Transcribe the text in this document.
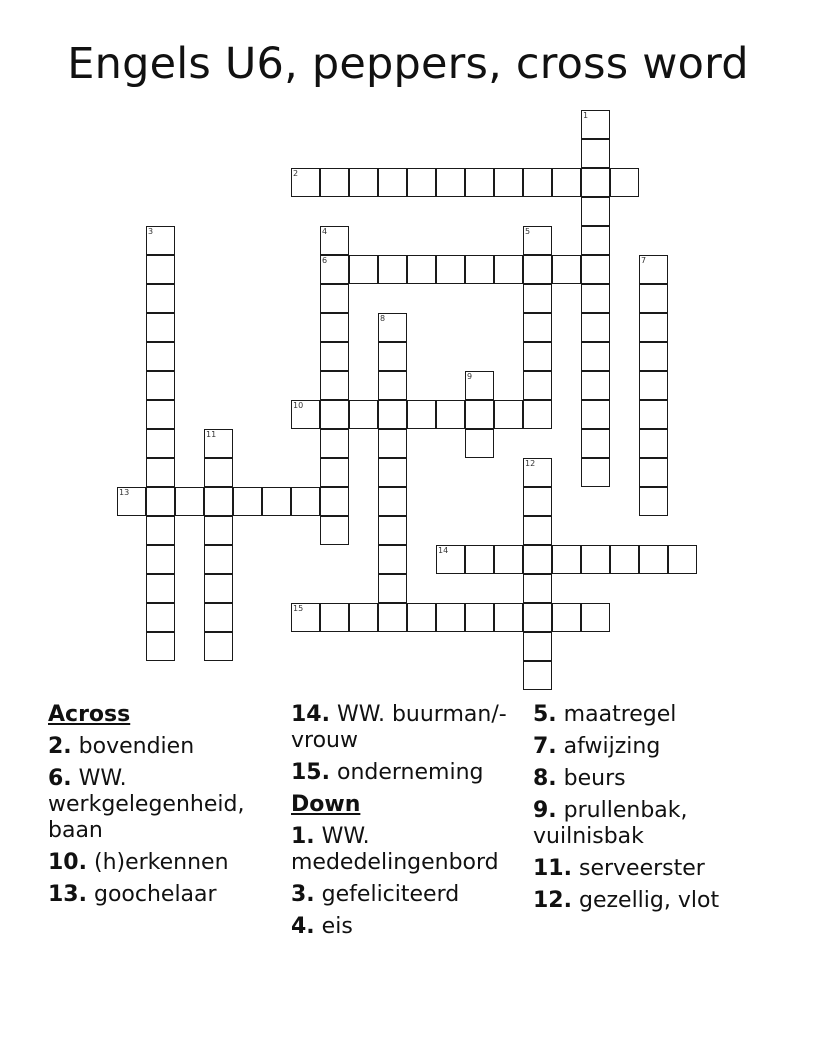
Engels U6, peppers, cross word
1
2
3	4
6
5
7
8
9
10
11
12
13
14
15
Across
2. bovendien
6. WW. werkgelegenheid, baan
10. (h)erkennen
13. goochelaar
14. WW. buurman/-vrouw
15. onderneming
Down
1. WW. mededelingenbord
3. gefeliciteerd
4. eis
5. maatregel
7. afwijzing
8. beurs
9. prullenbak, vuilnisbak
11. serveerster
12. gezellig, vlot
